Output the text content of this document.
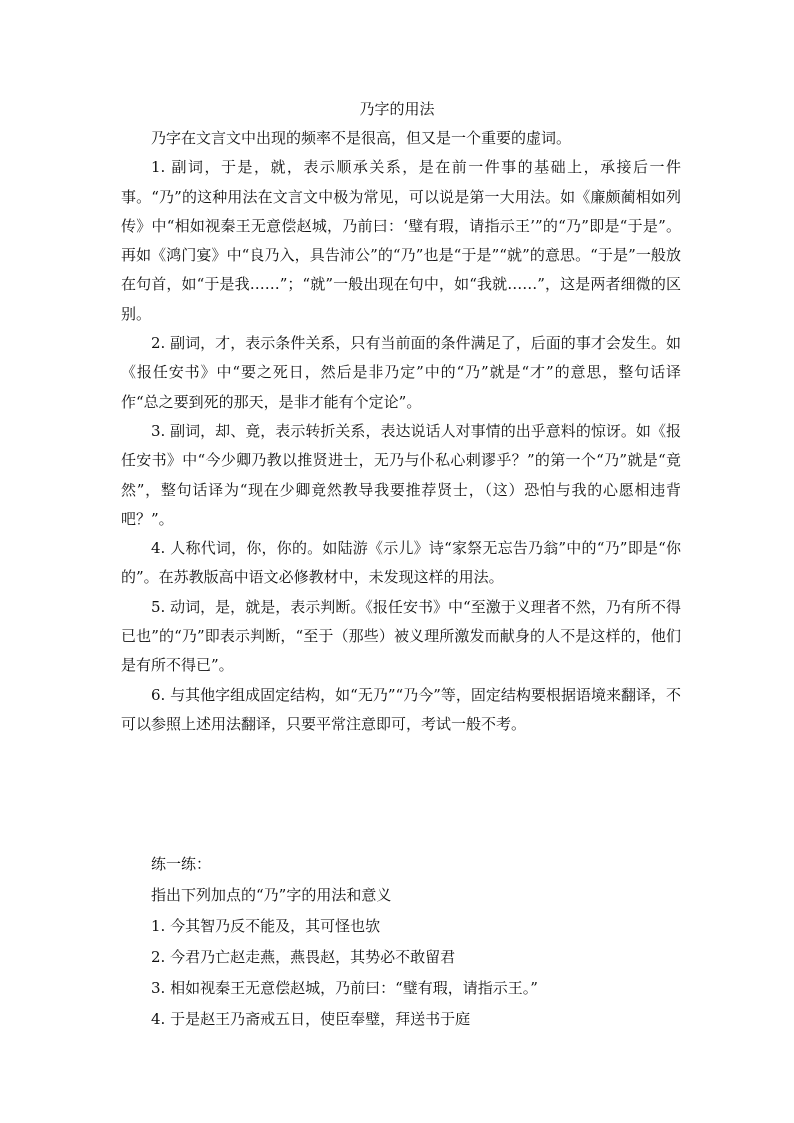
乃字的用法

乃字在文言文中出现的频率不是很高，但又是一个重要的虚词。

1. 副词，于是，就，表示顺承关系，是在前一件事的基础上，承接后一件事。“乃”的这种用法在文言文中极为常见，可以说是第一大用法。如《廉颇蔺相如列传》中“相如视秦王无意偿赵城，乃前曰：‘璧有瑕，请指示王’”的“乃”即是“于是”。再如《鸿门宴》中“良乃入，具告沛公”的“乃”也是“于是”“就”的意思。“于是”一般放在句首，如“于是我……”；“就”一般出现在句中，如“我就……”，这是两者细微的区别。

2. 副词，才，表示条件关系，只有当前面的条件满足了，后面的事才会发生。如《报任安书》中“要之死日，然后是非乃定”中的“乃”就是“才”的意思，整句话译作“总之要到死的那天，是非才能有个定论”。

3. 副词，却、竟，表示转折关系，表达说话人对事情的出乎意料的惊讶。如《报任安书》中“今少卿乃教以推贤进士，无乃与仆私心剌谬乎？”的第一个“乃”就是“竟然”，整句话译为“现在少卿竟然教导我要推荐贤士，（这）恐怕与我的心愿相违背吧？”。

4. 人称代词，你，你的。如陆游《示儿》诗“家祭无忘告乃翁”中的“乃”即是“你的”。在苏教版高中语文必修教材中，未发现这样的用法。

5. 动词，是，就是，表示判断。《报任安书》中“至激于义理者不然，乃有所不得已也”的“乃”即表示判断，“至于（那些）被义理所激发而献身的人不是这样的，他们是有所不得已”。

6. 与其他字组成固定结构，如“无乃”“乃今”等，固定结构要根据语境来翻译，不可以参照上述用法翻译，只要平常注意即可，考试一般不考。

练一练：
指出下列加点的“乃”字的用法和意义
1. 今其智乃反不能及，其可怪也欤
2. 今君乃亡赵走燕，燕畏赵，其势必不敢留君
3. 相如视秦王无意偿赵城，乃前曰：“璧有瑕，请指示王。”
4. 于是赵王乃斋戒五日，使臣奉璧，拜送书于庭
